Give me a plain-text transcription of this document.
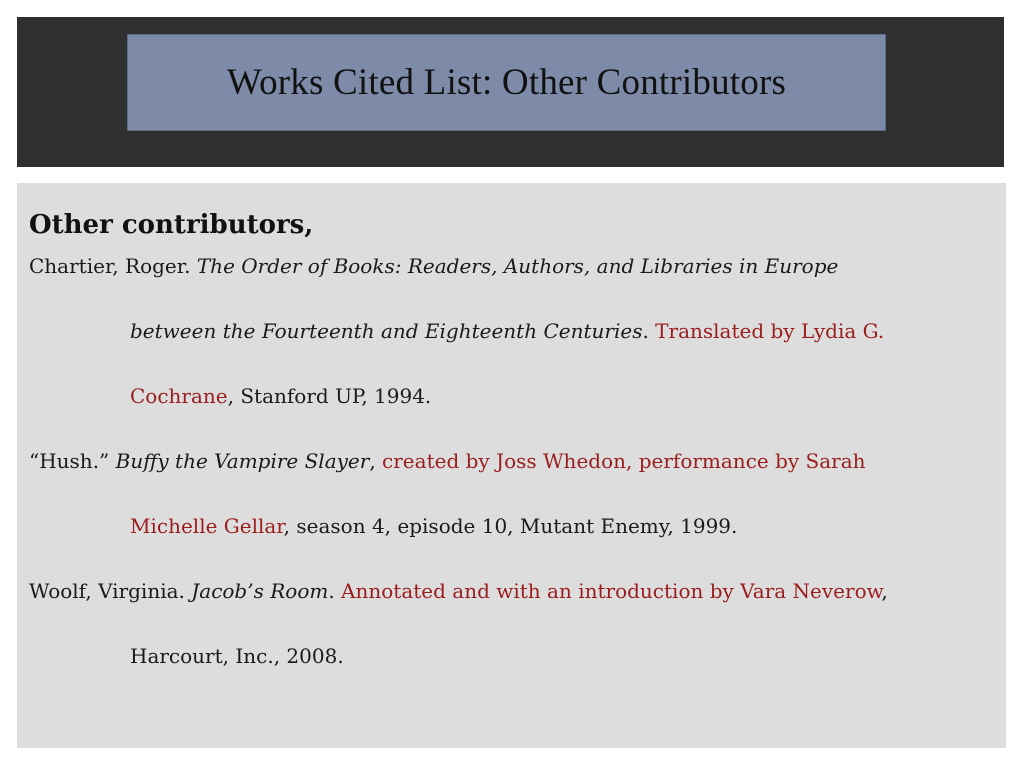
Works Cited List: Other Contributors
Other contributors,
Chartier, Roger. The Order of Books: Readers, Authors, and Libraries in Europe
between the Fourteenth and Eighteenth Centuries. Translated by Lydia G.
Cochrane, Stanford UP, 1994.
“Hush.” Buffy the Vampire Slayer, created by Joss Whedon, performance by Sarah
Michelle Gellar, season 4, episode 10, Mutant Enemy, 1999.
Woolf, Virginia. Jacob’s Room. Annotated and with an introduction by Vara Neverow,
Harcourt, Inc., 2008.
